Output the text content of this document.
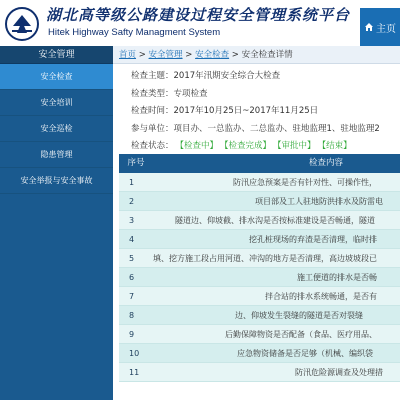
湖北高等级公路建设过程安全管理系统平台
Hitek Highway Safty Managment System	主页
安全管理
安全检查
安全培训
安全巡检
隐患管理
安全举报与安全事故
首页 > 安全管理 > 安全检查 > 安全检查详情
检查主题：2017年汛期安全综合大检查
检查类型：专项检查
检查时间：2017年10月25日~2017年11月25日
参与单位：项目办、一总监办、二总监办、驻地监理1、驻地监理2
检查状态： 【检查中】 【检查完成】 【审批中】 【结束】
序号	检查内容
1	防汛应急预案是否有针对性、可操作性，
2	项目部及工人驻地防洪排水及防雷电
3	隧道边、仰坡截、排水沟是否按标准建设是否畅通，隧道
4	挖孔桩现场的弃渣是否清理，临时排
5	填、挖方施工段占用河道、冲沟的地方是否清理，高边坡坡段已
6	施工便道的排水是否畅
7	拌合站的排水系统畅通，是否有
8	边、仰坡发生裂缝的隧道是否对裂缝
9	后勤保障物资是否配备（食品、医疗用品、
10	应急物资储备是否足够（机械、编织袋
11	防汛危险源调查及处理措
